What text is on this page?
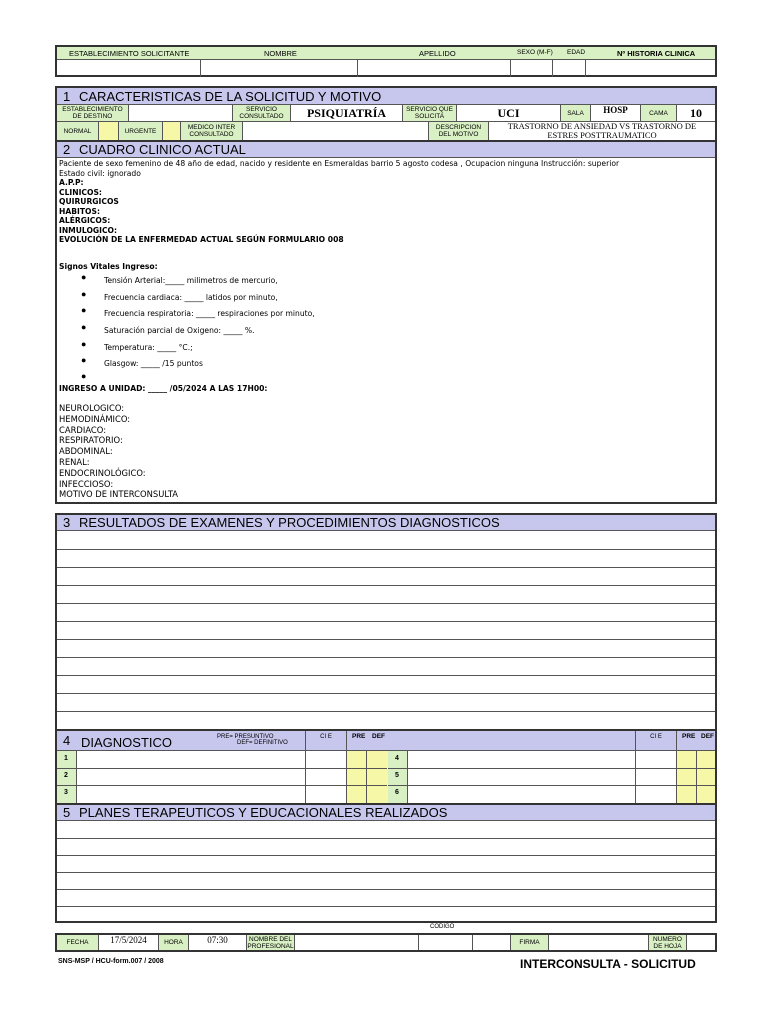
ESTABLECIMIENTO SOLICITANTE	NOMBRE	APELLIDO	SEXO (M-F) EDAD	Nº HISTORIA CLINICA
1 CARACTERISTICAS DE LA SOLICITUD Y MOTIVO
ESTABLECIMIENTO DE DESTINO
SERVICIO CONSULTADO	PSIQUIATRÍA	SERVICIO QUE SOLICITA	UCI	SALA	HOSP	CAMA	10
NORMAL	URGENTE	MEDICO INTER CONSULTADO
DESCRIPCION DEL MOTIVO
TRASTORNO DE ANSIEDAD VS TRASTORNO DE ESTRES POSTTRAUMATICO
2 CUADRO CLINICO ACTUAL
Paciente de sexo femenino de 48 año de edad, nacido y residente en Esmeraldas barrio 5 agosto codesa , Ocupacion ninguna Instrucción: superior
Estado civil: ignorado
A.P.P:
CLINICOS:
QUIRURGICOS
HABITOS:
ALÉRGICOS:
INMULOGICO:
EVOLUCIÓN DE LA ENFERMEDAD ACTUAL SEGÚN FORMULARIO 008
Signos Vitales Ingreso:
● Tensión Arterial:_____ milimetros de mercurio,
● Frecuencia cardiaca: _____ latidos por minuto,
● Frecuencia respiratoria: _____ respiraciones por minuto,
● Saturación parcial de Oxigeno: _____ %.
● Temperatura: _____ °C.;
● Glasgow: _____ /15 puntos
●
INGRESO A UNIDAD: _____ /05/2024 A LAS 17H00:
NEUROLOGICO:
HEMODINÁMICO:
CARDIACO:
RESPIRATORIO:
ABDOMINAL:
RENAL:
ENDOCRINOLÓGICO:
INFECCIOSO:
MOTIVO DE INTERCONSULTA
3 RESULTADOS DE EXAMENES Y PROCEDIMIENTOS DIAGNOSTICOS
4 DIAGNOSTICO	PRE= PRESUNTIVO
DEF= DEFINITIVO
CI E	PRE DEF	CI E	PRE DEF
1
2
3
4
5
6
5 PLANES TERAPEUTICOS Y EDUCACIONALES REALIZADOS
CODIGO
FECHA	17/5/2024	HORA	07:30	NOMBRE DEL PROFESIONAL	FIRMA	NUMERO DE HOJA
SNS-MSP / HCU-form.007 / 2008	INTERCONSULTA - SOLICITUD
